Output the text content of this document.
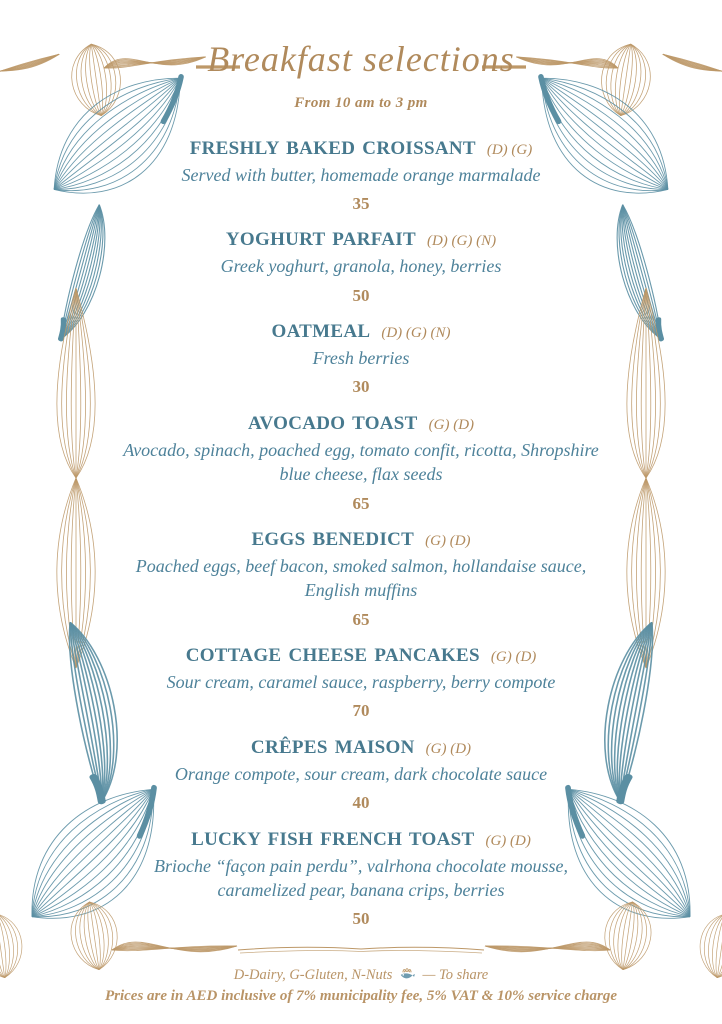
Breakfast selections
From 10 am to 3 pm
FRESHLY BAKED CROISSANT (D) (G)
Served with butter, homemade orange marmalade
35
YOGHURT PARFAIT (D) (G) (N)
Greek yoghurt, granola, honey, berries
50
OATMEAL (D) (G) (N)
Fresh berries
30
AVOCADO TOAST (G) (D)
Avocado, spinach, poached egg, tomato confit, ricotta, Shropshire blue cheese, flax seeds
65
EGGS BENEDICT (G) (D)
Poached eggs, beef bacon, smoked salmon, hollandaise sauce, English muffins
65
COTTAGE CHEESE PANCAKES (G) (D)
Sour cream, caramel sauce, raspberry, berry compote
70
CRÊPES MAISON (G) (D)
Orange compote, sour cream, dark chocolate sauce
40
LUCKY FISH FRENCH TOAST (G) (D)
Brioche “façon pain perdu”, valrhona chocolate mousse, caramelized pear, banana crips, berries
50
D-Dairy, G-Gluten, N-Nuts — To share
Prices are in AED inclusive of 7% municipality fee, 5% VAT & 10% service charge
